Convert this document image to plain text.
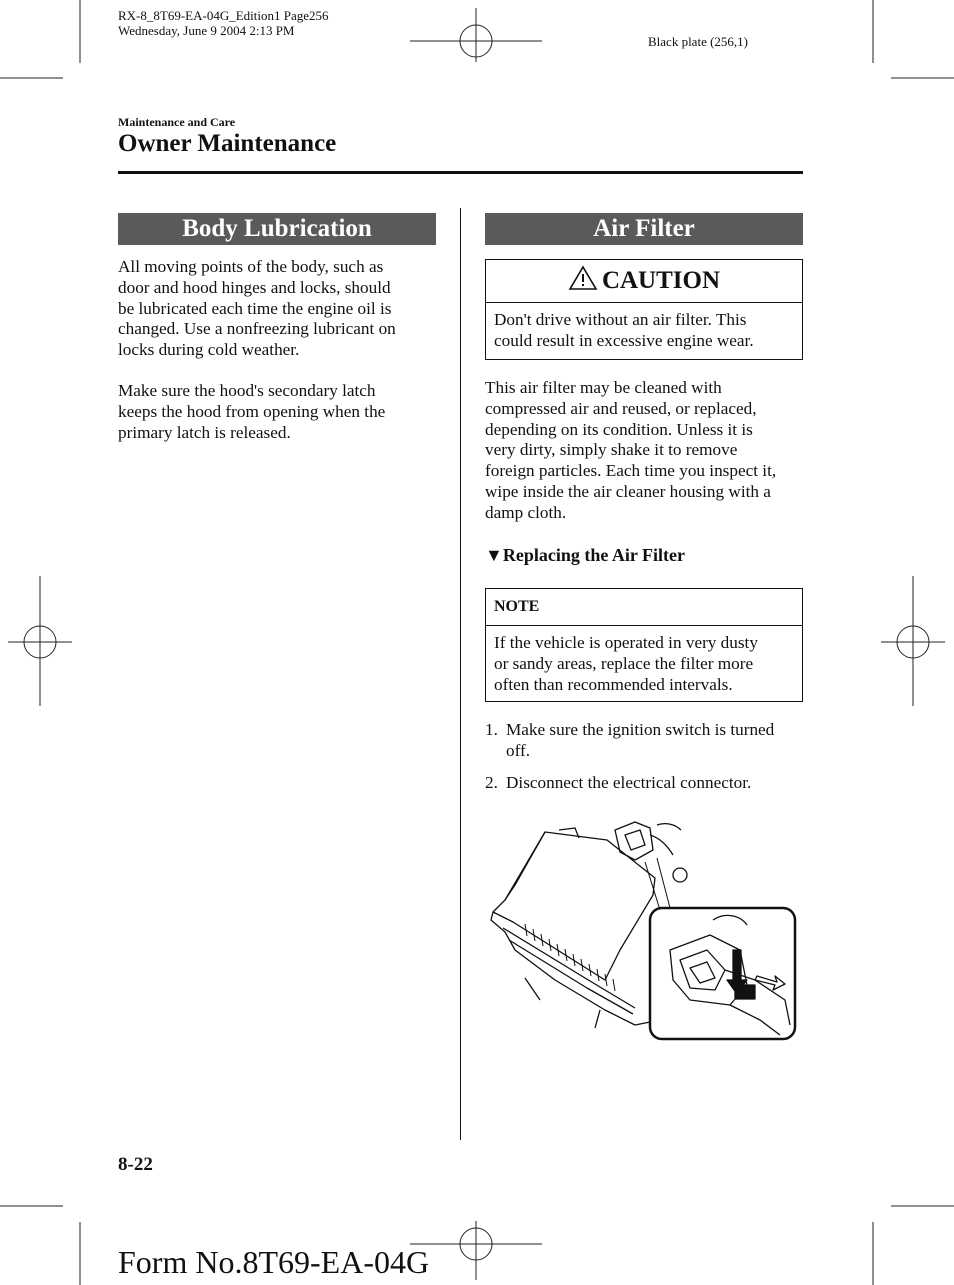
RX-8_8T69-EA-04G_Edition1 Page256
Wednesday, June 9 2004 2:13 PM
Black plate (256,1)
Maintenance and Care
Owner Maintenance
Body Lubrication
All moving points of the body, such as
door and hood hinges and locks, should
be lubricated each time the engine oil is
changed. Use a nonfreezing lubricant on
locks during cold weather.
Make sure the hood's secondary latch
keeps the hood from opening when the
primary latch is released.
Air Filter
CAUTION
Don't drive without an air filter. This
could result in excessive engine wear.
This air filter may be cleaned with
compressed air and reused, or replaced,
depending on its condition. Unless it is
very dirty, simply shake it to remove
foreign particles. Each time you inspect it,
wipe inside the air cleaner housing with a
damp cloth.
▼Replacing the Air Filter
NOTE
If the vehicle is operated in very dusty
or sandy areas, replace the filter more
often than recommended intervals.
1. Make sure the ignition switch is turned
off.
2. Disconnect the electrical connector.
8-22
Form No.8T69-EA-04G
